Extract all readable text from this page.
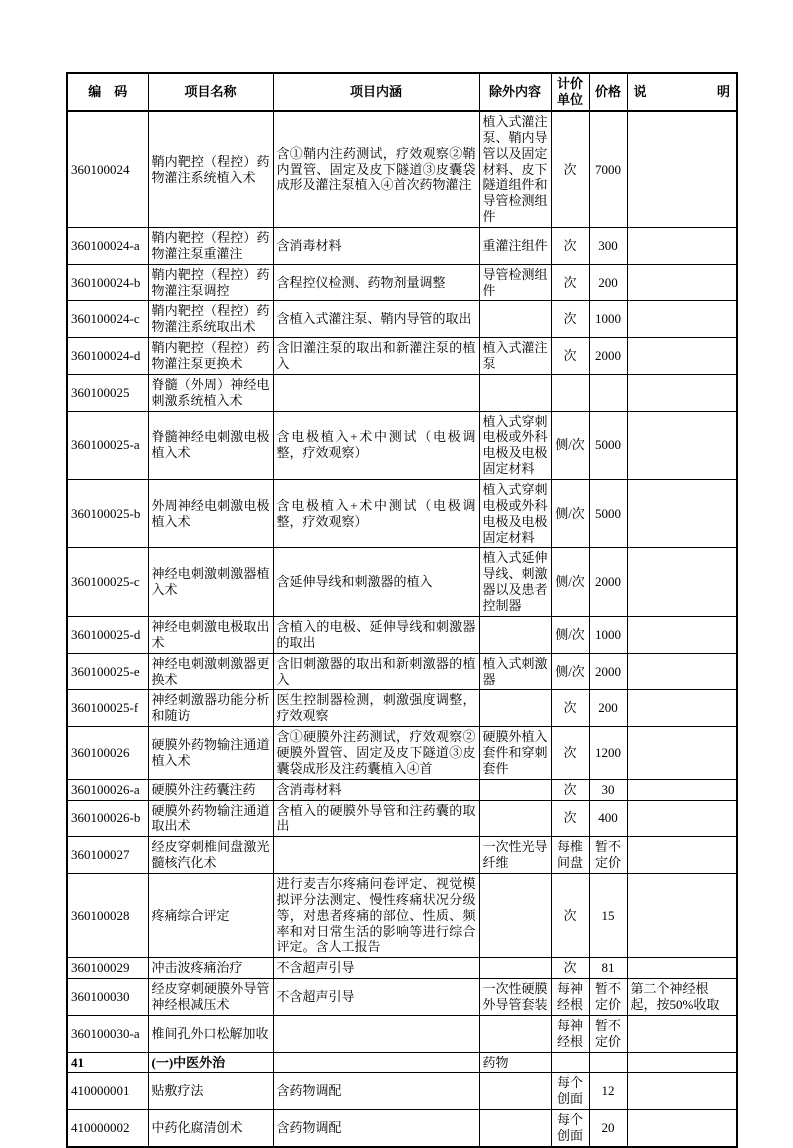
编　码	项目名称	项目内涵	除外内容	计价单位	价格	说 明
360100024	鞘内靶控（程控）药物灌注系统植入术	含①鞘内注药测试，疗效观察②鞘内置管、固定及皮下隧道③皮囊袋成形及灌注泵植入④首次药物灌注	植入式灌注泵、鞘内导管以及固定材料、皮下隧道组件和导管检测组件	次	7000	
360100024-a	鞘内靶控（程控）药物灌注泵重灌注	含消毒材料	重灌注组件	次	300	
360100024-b	鞘内靶控（程控）药物灌注泵调控	含程控仪检测、药物剂量调整	导管检测组件	次	200	
360100024-c	鞘内靶控（程控）药物灌注系统取出术	含植入式灌注泵、鞘内导管的取出		次	1000	
360100024-d	鞘内靶控（程控）药物灌注泵更换术	含旧灌注泵的取出和新灌注泵的植入	植入式灌注泵	次	2000	
360100025	脊髓（外周）神经电刺激系统植入术					
360100025-a	脊髓神经电刺激电极植入术	含电极植入+术中测试（电极调整，疗效观察）	植入式穿刺电极或外科电极及电极固定材料	侧/次	5000	
360100025-b	外周神经电刺激电极植入术	含电极植入+术中测试（电极调整，疗效观察）	植入式穿刺电极或外科电极及电极固定材料	侧/次	5000	
360100025-c	神经电刺激刺激器植入术	含延伸导线和刺激器的植入	植入式延伸导线、刺激器以及患者控制器	侧/次	2000	
360100025-d	神经电刺激电极取出术	含植入的电极、延伸导线和刺激器的取出		侧/次	1000	
360100025-e	神经电刺激刺激器更换术	含旧刺激器的取出和新刺激器的植入	植入式刺激器	侧/次	2000	
360100025-f	神经刺激器功能分析和随访	医生控制器检测，刺激强度调整，疗效观察		次	200	
360100026	硬膜外药物输注通道植入术	含①硬膜外注药测试，疗效观察②硬膜外置管、固定及皮下隧道③皮囊袋成形及注药囊植入④首	硬膜外植入套件和穿刺套件	次	1200	
360100026-a	硬膜外注药囊注药	含消毒材料		次	30	
360100026-b	硬膜外药物输注通道取出术	含植入的硬膜外导管和注药囊的取出		次	400	
360100027	经皮穿刺椎间盘激光髓核汽化术		一次性光导纤维	每椎间盘	暂不定价	
360100028	疼痛综合评定	进行麦吉尔疼痛问卷评定、视觉模拟评分法测定、慢性疼痛状况分级等，对患者疼痛的部位、性质、频率和对日常生活的影响等进行综合评定。含人工报告		次	15	
360100029	冲击波疼痛治疗	不含超声引导		次	81	
360100030	经皮穿刺硬膜外导管神经根减压术	不含超声引导	一次性硬膜外导管套装	每神经根	暂不定价	第二个神经根起，按50%收取
360100030-a	椎间孔外口松解加收			每神经根	暂不定价	
41	(一)中医外治		药物			
410000001	贴敷疗法	含药物调配		每个创面	12	
410000002	中药化腐清创术	含药物调配		每个创面	20	
